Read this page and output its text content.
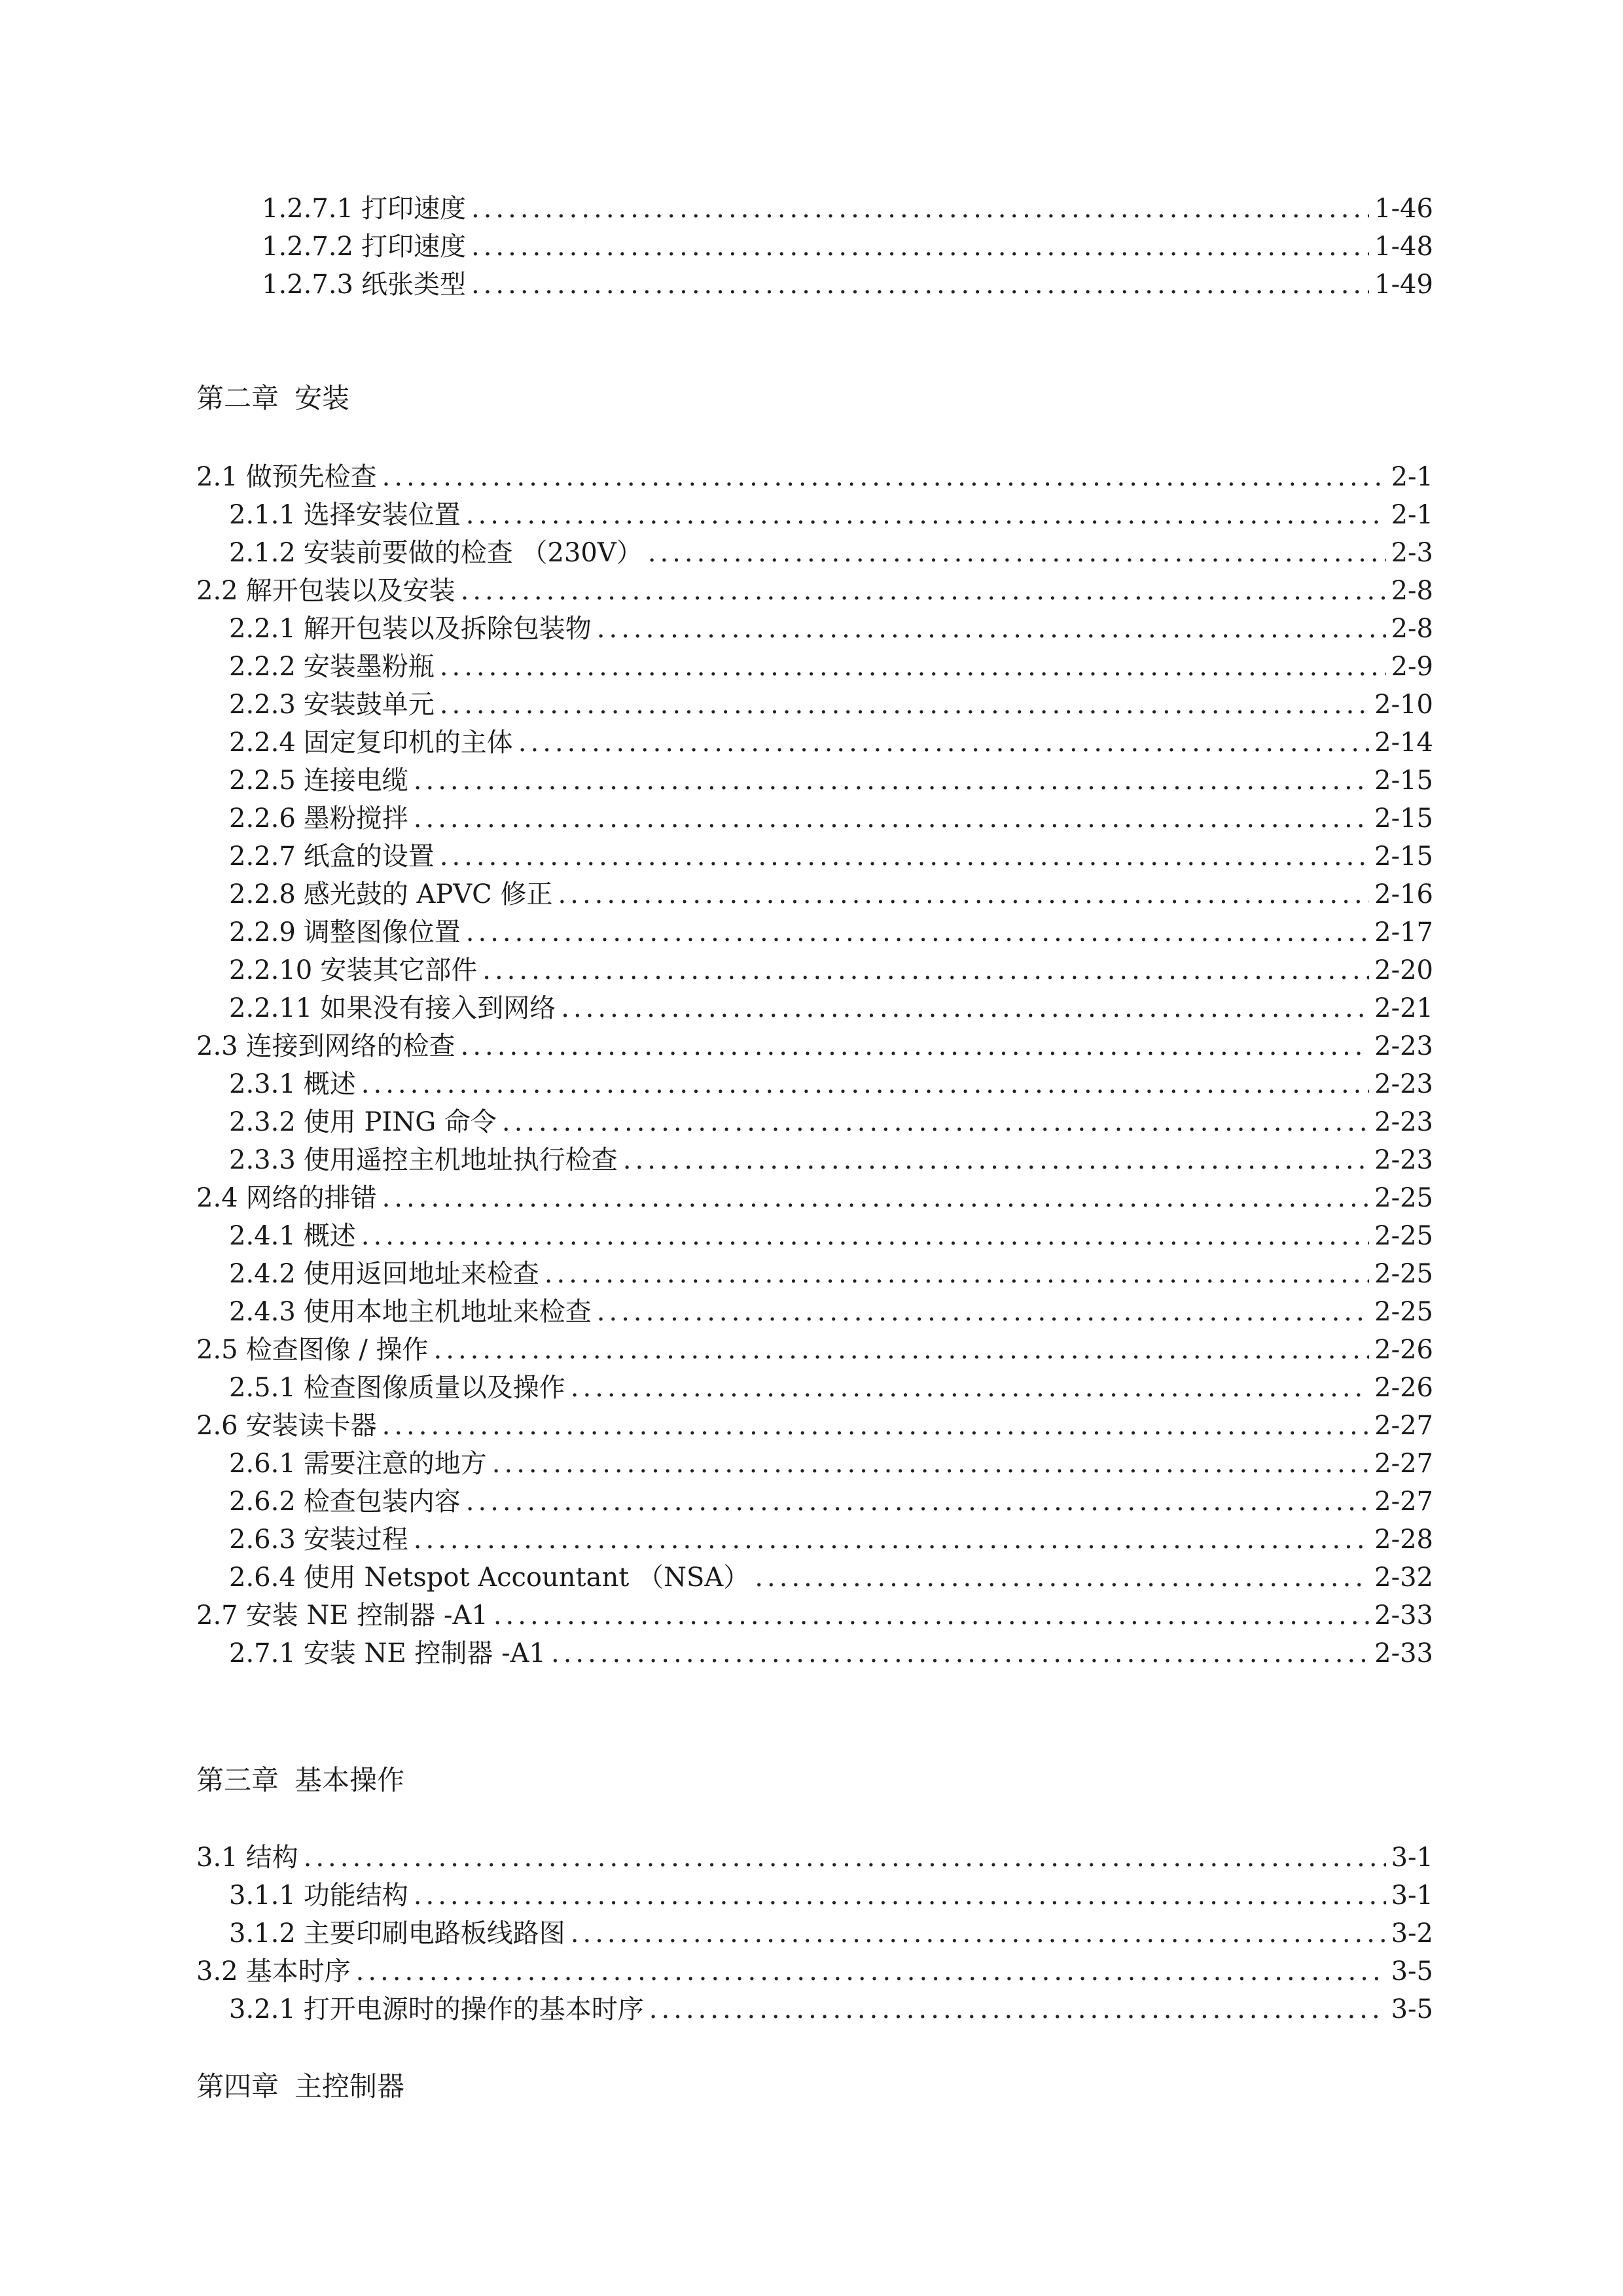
1.2.7.1 打印速度 .....	1-46
1.2.7.2 打印速度 .....	1-48
1.2.7.3 纸张类型 .....	1-49
第二章 安装
2.1 做预先检查 .....	2-1
2.1.1 选择安装位置 .....	2-1
2.1.2 安装前要做的检查 （230V） .....	2-3
2.2 解开包装以及安装 .....	2-8
2.2.1 解开包装以及拆除包装物 .....	2-8
2.2.2 安装墨粉瓶 .....	2-9
2.2.3 安装鼓单元 .....	2-10
2.2.4 固定复印机的主体 .....	2-14
2.2.5 连接电缆 .....	2-15
2.2.6 墨粉搅拌 .....	2-15
2.2.7 纸盒的设置 .....	2-15
2.2.8 感光鼓的 APVC 修正 .....	2-16
2.2.9 调整图像位置 .....	2-17
2.2.10 安装其它部件 .....	2-20
2.2.11 如果没有接入到网络 .....	2-21
2.3 连接到网络的检查 .....	2-23
2.3.1 概述 .....	2-23
2.3.2 使用 PING 命令 .....	2-23
2.3.3 使用遥控主机地址执行检查 .....	2-23
2.4 网络的排错 .....	2-25
2.4.1 概述 .....	2-25
2.4.2 使用返回地址来检查 .....	2-25
2.4.3 使用本地主机地址来检查 .....	2-25
2.5 检查图像 / 操作 .....	2-26
2.5.1 检查图像质量以及操作 .....	2-26
2.6 安装读卡器 .....	2-27
2.6.1 需要注意的地方 .....	2-27
2.6.2 检查包装内容 .....	2-27
2.6.3 安装过程 .....	2-28
2.6.4 使用 Netspot Accountant （NSA） .....	2-32
2.7 安装 NE 控制器 -A1 .....	2-33
2.7.1 安装 NE 控制器 -A1 .....	2-33
第三章 基本操作
3.1 结构 .....	3-1
3.1.1 功能结构 .....	3-1
3.1.2 主要印刷电路板线路图 .....	3-2
3.2 基本时序 .....	3-5
3.2.1 打开电源时的操作的基本时序 .....	3-5
第四章 主控制器
